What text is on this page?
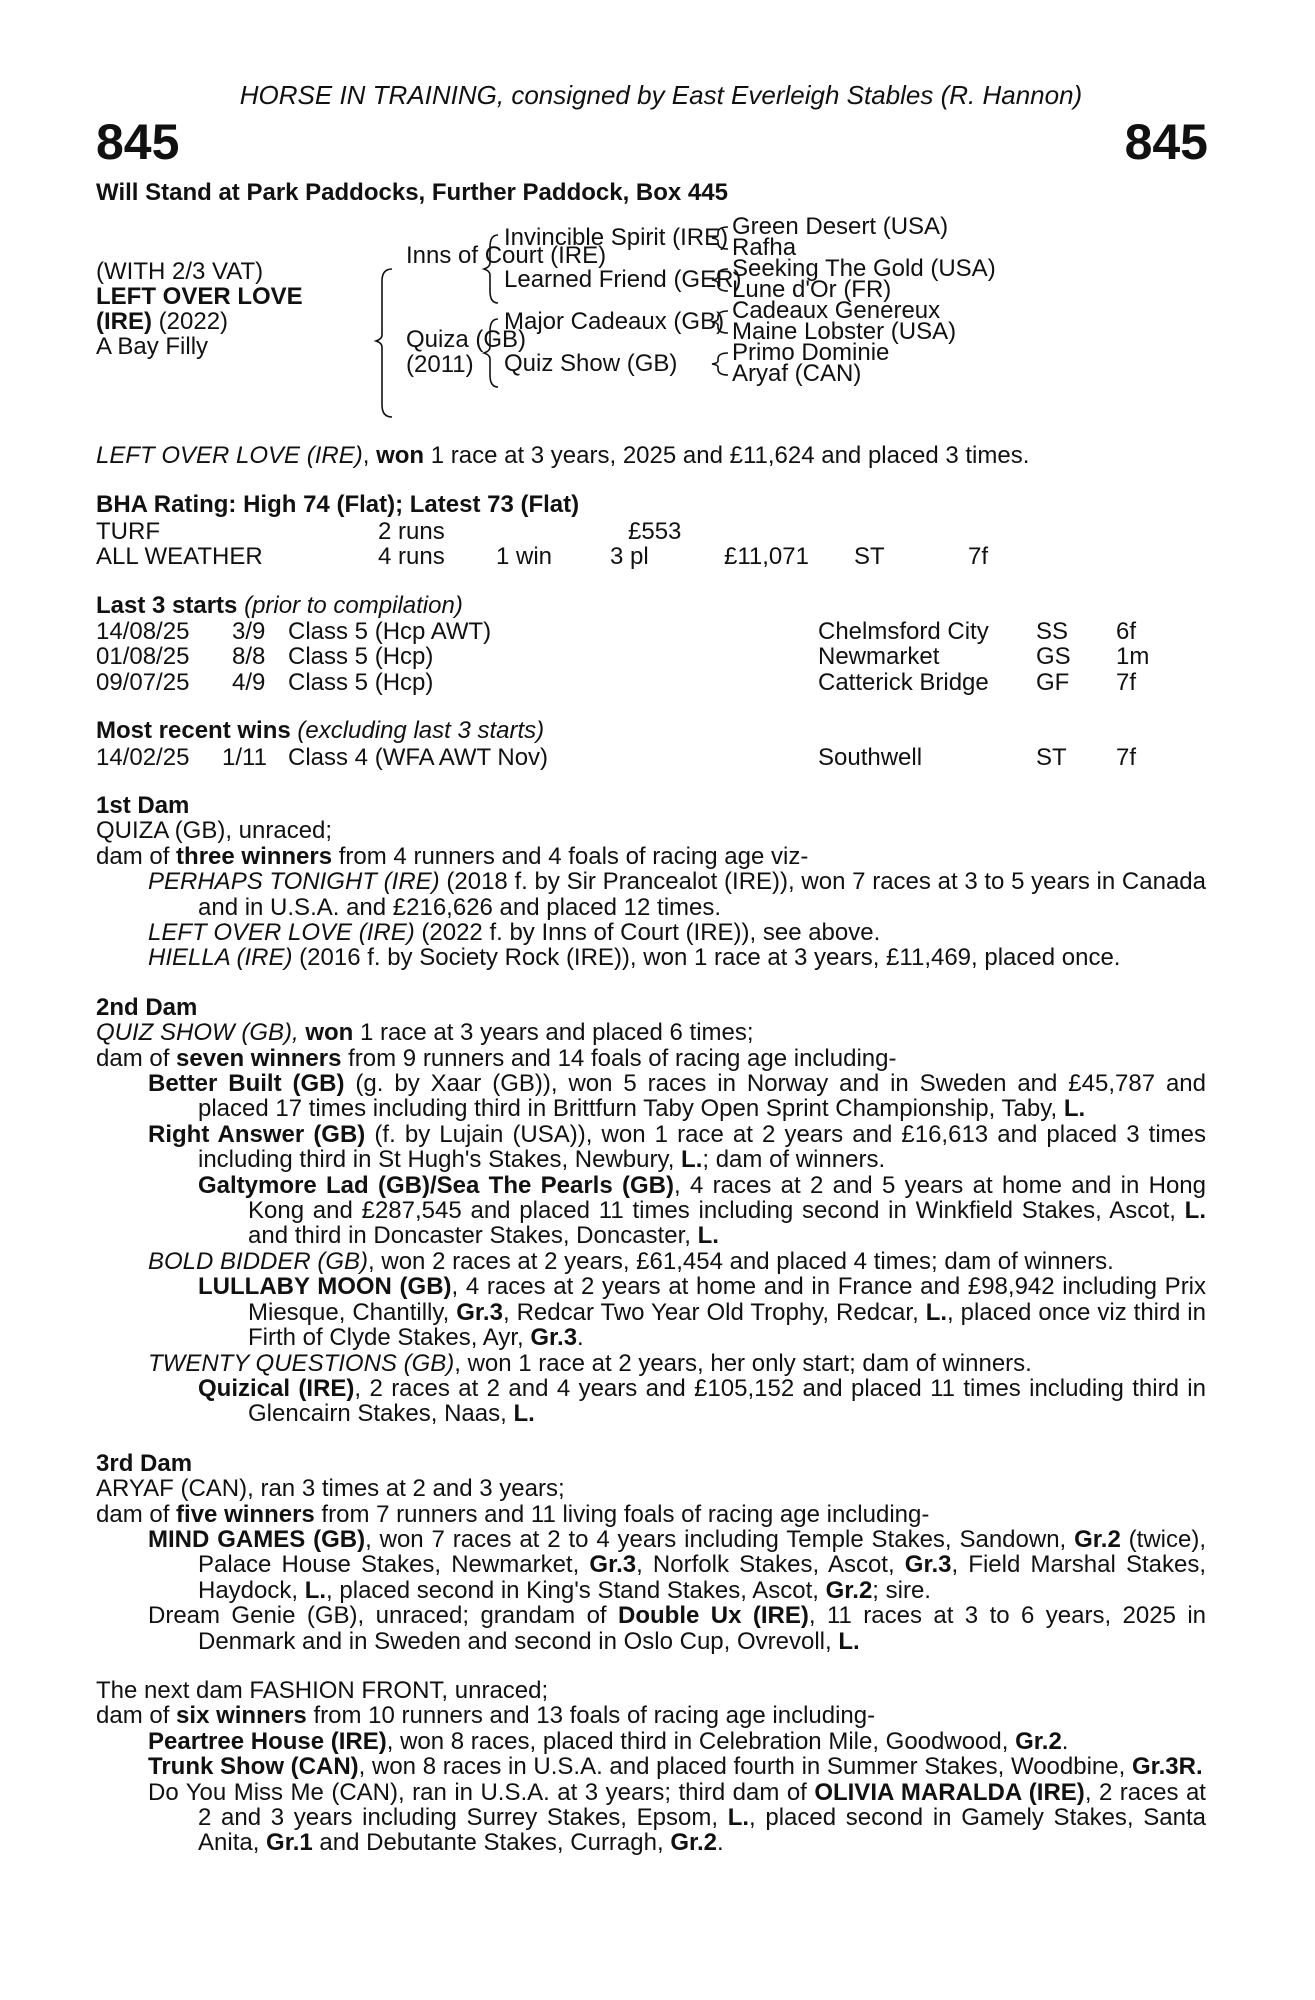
HORSE IN TRAINING, consigned by East Everleigh Stables (R. Hannon)
845	845
Will Stand at Park Paddocks, Further Paddock, Box 445
(WITH 2/3 VAT)
LEFT OVER LOVE
(IRE) (2022)
A Bay Filly
Inns of Court (IRE)
Quiza (GB)
(2011)
Invincible Spirit (IRE)
Learned Friend (GER)
Major Cadeaux (GB)
Quiz Show (GB)
Green Desert (USA)
Rafha
Seeking The Gold (USA)
Lune d'Or (FR)
Cadeaux Genereux
Maine Lobster (USA)
Primo Dominie
Aryaf (CAN)
LEFT OVER LOVE (IRE), won 1 race at 3 years, 2025 and £11,624 and placed 3 times.
BHA Rating: High 74 (Flat); Latest 73 (Flat)
TURF	2 runs	£553
ALL WEATHER	4 runs 1 win 3 pl	£11,071 ST	7f
Last 3 starts (prior to compilation)
14/08/25 3/9 Class 5 (Hcp AWT)	Chelmsford City SS 6f
01/08/25 8/8 Class 5 (Hcp)	Newmarket	GS 1m
09/07/25 4/9 Class 5 (Hcp)	Catterick Bridge GF 7f
Most recent wins (excluding last 3 starts)
14/02/25 1/11 Class 4 (WFA AWT Nov)	Southwell	ST 7f
1st Dam
QUIZA (GB), unraced;
dam of three winners from 4 runners and 4 foals of racing age viz-

PERHAPS TONIGHT (IRE) (2018 f. by Sir Prancealot (IRE)), won 7 races at 3 to 5 years in Canada and in U.S.A. and £216,626 and placed 12 times.

LEFT OVER LOVE (IRE) (2022 f. by Inns of Court (IRE)), see above.

HIELLA (IRE) (2016 f. by Society Rock (IRE)), won 1 race at 3 years, £11,469, placed once.

2nd Dam
QUIZ SHOW (GB), won 1 race at 3 years and placed 6 times;
dam of seven winners from 9 runners and 14 foals of racing age including-

Better Built (GB) (g. by Xaar (GB)), won 5 races in Norway and in Sweden and £45,787 and placed 17 times including third in Brittfurn Taby Open Sprint Championship, Taby, L.

Right Answer (GB) (f. by Lujain (USA)), won 1 race at 2 years and £16,613 and placed 3 times including third in St Hugh's Stakes, Newbury, L.; dam of winners.

Galtymore Lad (GB)/Sea The Pearls (GB), 4 races at 2 and 5 years at home and in Hong Kong and £287,545 and placed 11 times including second in Winkfield Stakes, Ascot, L. and third in Doncaster Stakes, Doncaster, L.

BOLD BIDDER (GB), won 2 races at 2 years, £61,454 and placed 4 times; dam of winners.

LULLABY MOON (GB), 4 races at 2 years at home and in France and £98,942 including Prix Miesque, Chantilly, Gr.3, Redcar Two Year Old Trophy, Redcar, L., placed once viz third in Firth of Clyde Stakes, Ayr, Gr.3.

TWENTY QUESTIONS (GB), won 1 race at 2 years, her only start; dam of winners.

Quizical (IRE), 2 races at 2 and 4 years and £105,152 and placed 11 times including third in Glencairn Stakes, Naas, L.

3rd Dam
ARYAF (CAN), ran 3 times at 2 and 3 years;
dam of five winners from 7 runners and 11 living foals of racing age including-

MIND GAMES (GB), won 7 races at 2 to 4 years including Temple Stakes, Sandown, Gr.2 (twice), Palace House Stakes, Newmarket, Gr.3, Norfolk Stakes, Ascot, Gr.3, Field Marshal Stakes, Haydock, L., placed second in King's Stand Stakes, Ascot, Gr.2; sire.

Dream Genie (GB), unraced; grandam of Double Ux (IRE), 11 races at 3 to 6 years, 2025 in Denmark and in Sweden and second in Oslo Cup, Ovrevoll, L.

The next dam FASHION FRONT, unraced;
dam of six winners from 10 runners and 13 foals of racing age including-

Peartree House (IRE), won 8 races, placed third in Celebration Mile, Goodwood, Gr.2.

Trunk Show (CAN), won 8 races in U.S.A. and placed fourth in Summer Stakes, Woodbine, Gr.3R.

Do You Miss Me (CAN), ran in U.S.A. at 3 years; third dam of OLIVIA MARALDA (IRE), 2 races at 2 and 3 years including Surrey Stakes, Epsom, L., placed second in Gamely Stakes, Santa Anita, Gr.1 and Debutante Stakes, Curragh, Gr.2.
